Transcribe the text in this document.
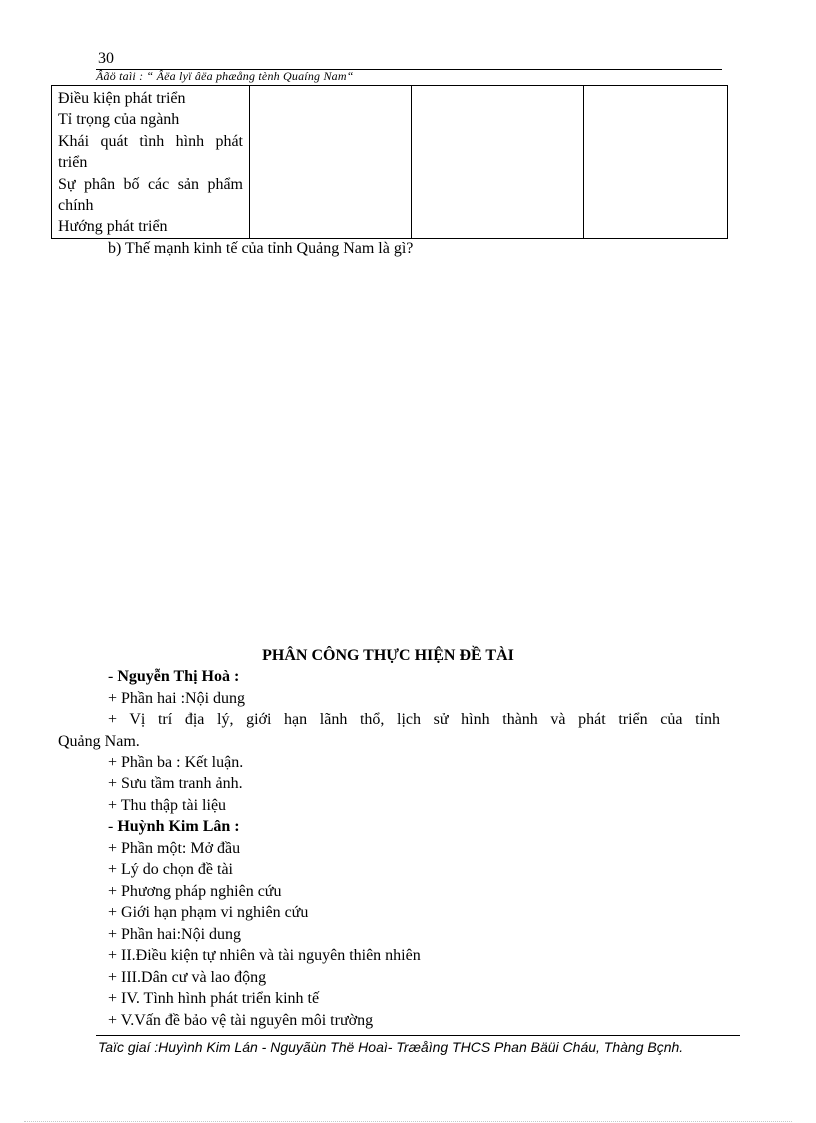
30
Âãö taìi : “ Âëa lyï âëa phæång tènh Quaíng Nam“
Điều kiện phát triển
Tỉ trọng của ngành
Khái quát tình hình phát triển
Sự phân bố các sản phẩm chính
Hướng phát triển

b) Thế mạnh kinh tế của tỉnh Quảng Nam là gì?
PHÂN CÔNG THỰC HIỆN ĐỀ TÀI
- Nguyễn Thị Hoà :
+ Phần hai :Nội dung
+ Vị trí địa lý, giới hạn lãnh thổ, lịch sử hình thành và phát triển của tỉnh
Quảng Nam.
+ Phần ba : Kết luận.
+ Sưu tầm tranh ảnh.
+ Thu thập tài liệu
- Huỳnh Kim Lân :
+ Phần một: Mở đầu
+ Lý do chọn đề tài
+ Phương pháp nghiên cứu
+ Giới hạn phạm vi nghiên cứu
+ Phần hai:Nội dung
+ II.Điều kiện tự nhiên và tài nguyên thiên nhiên
+ III.Dân cư và lao động
+ IV. Tình hình phát triển kinh tế
+ V.Vấn đề bảo vệ tài nguyên môi trường
Taïc giaí :Huyình Kim Lán - Nguyãùn Thë Hoaì- Træåìng THCS Phan Bäüi Cháu, Thàng Bçnh.
